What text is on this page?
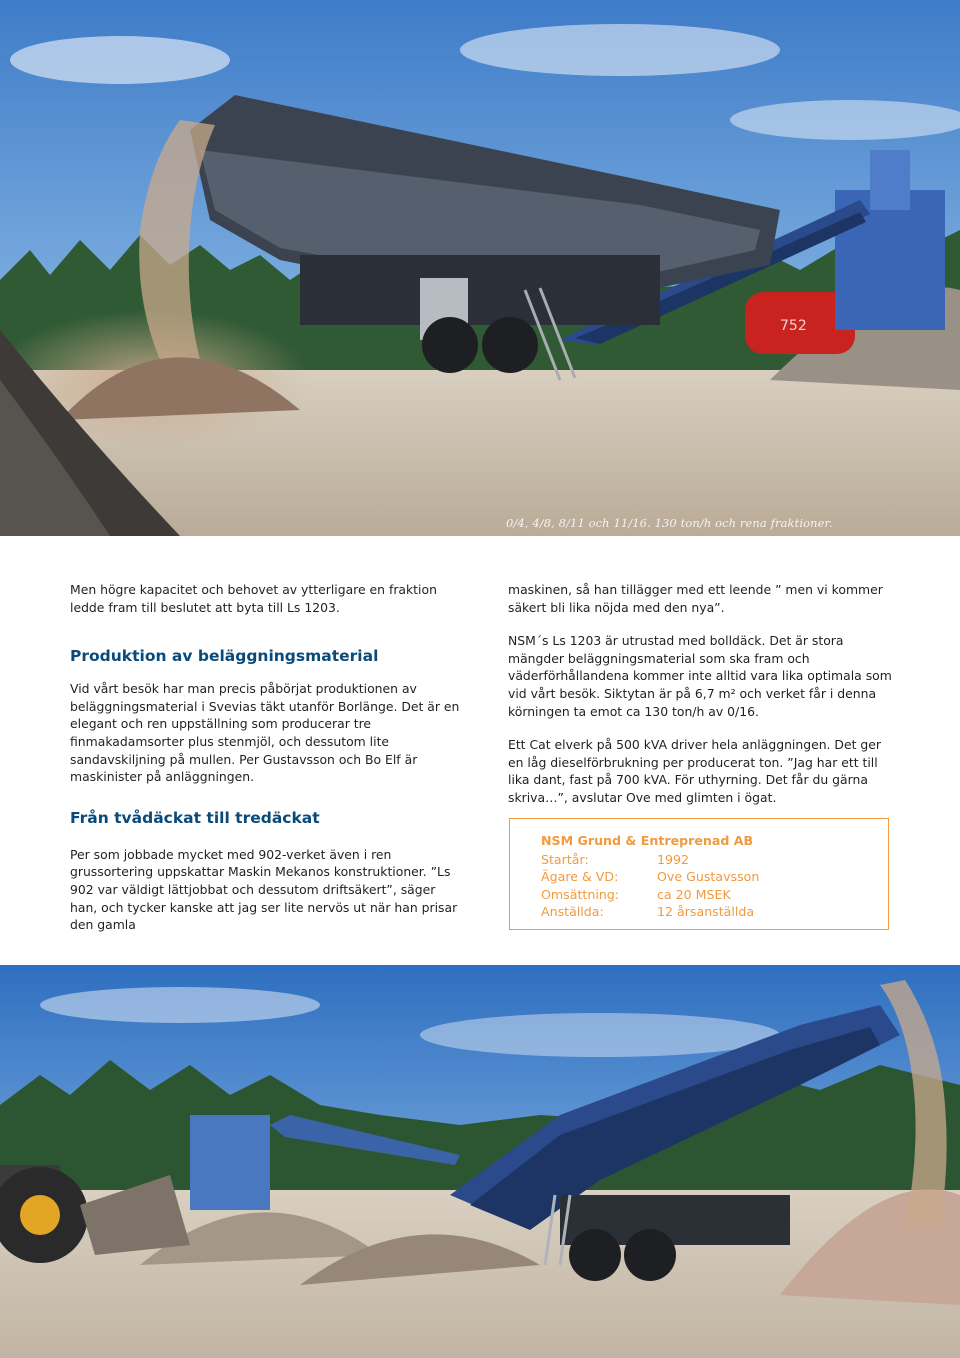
752
0/4, 4/8, 8/11 och 11/16. 130 ton/h och rena fraktioner.

Men högre kapacitet och behovet av ytterligare en fraktion ledde fram till beslutet att byta till Ls 1203.

Produktion av beläggningsmaterial

Vid vårt besök har man precis påbörjat produktionen av beläggningsmaterial i Svevias täkt utanför Borlänge. Det är en elegant och ren uppställning som producerar tre finmakadamsorter plus stenmjöl, och dessutom lite sandavskiljning på mullen. Per Gustavsson och Bo Elf är maskinister på anläggningen.

Från tvådäckat till tredäckat

Per som jobbade mycket med 902-verket även i ren grussortering uppskattar Maskin Mekanos konstruktioner. ”Ls 902 var väldigt lättjobbat och dessutom driftsäkert”, säger han, och tycker kanske att jag ser lite nervös ut när han prisar den gamla

maskinen, så han tillägger med ett leende ” men vi kommer säkert bli lika nöjda med den nya”.

NSM´s Ls 1203 är utrustad med bolldäck. Det är stora mängder beläggningsmaterial som ska fram och väderförhållandena kommer inte alltid vara lika optimala som vid vårt besök. Siktytan är på 6,7 m² och verket får i denna körningen ta emot ca 130 ton/h av 0/16.

Ett Cat elverk på 500 kVA driver hela anläggningen. Det ger en låg dieselförbrukning per producerat ton. ”Jag har ett till lika dant, fast på 700 kVA. För uthyrning. Det får du gärna skriva…”, avslutar Ove med glimten i ögat.

NSM Grund & Entreprenad AB
Startår:	1992
Ägare & VD:	Ove Gustavsson
Omsättning:	ca 20 MSEK
Anställda:	12 årsanställda
